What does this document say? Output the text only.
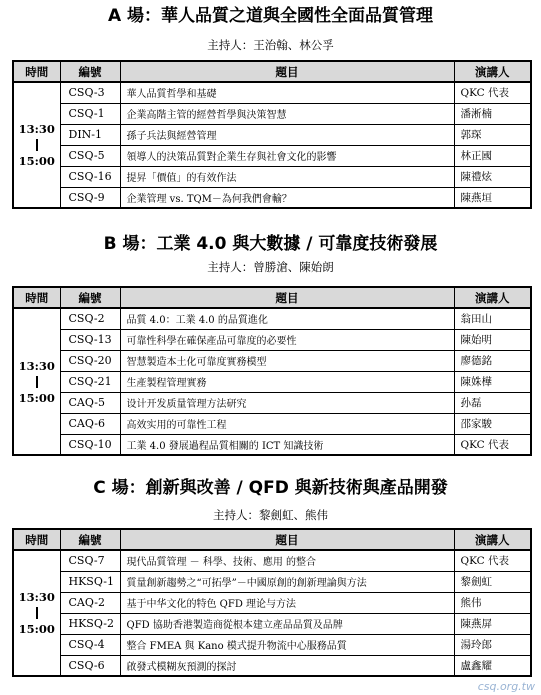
A 場：華人品質之道與全國性全面品質管理
主持人：王治翰、林公孚
時間	編號	題目	演講人
13:30
15:00	CSQ-3	華人品質哲學和基礎	QKC 代表
	CSQ-1	企業高階主管的經營哲學與決策智慧	潘淅楠
	DIN-1	孫子兵法與經營管理	郭琛
	CSQ-5	領導人的決策品質對企業生存與社會文化的影響	林正國
	CSQ-16	提昇「價值」的有效作法	陳禮炫
	CSQ-9	企業管理 vs. TQM－為何我們會輸？	陳燕垣
B 場：工業 4.0 與大數據 / 可靠度技術發展
主持人：曾勝滄、陳始朗
時間	編號	題目	演講人
13:30
15:00	CSQ-2	品質 4.0：工業 4.0 的品質進化	翁田山
	CSQ-13	可靠性科學在確保產品可靠度的必要性	陳始明
	CSQ-20	智慧製造本土化可靠度實務模型	廖德銘
	CSQ-21	生產製程管理實務	陳姝樺
	CAQ-5	设计开发质量管理方法研究	孙磊
	CAQ-6	高效实用的可靠性工程	邵家駿
	CSQ-10	工業 4.0 發展過程品質相關的 ICT 知識技術	QKC 代表
C 場：創新與改善 / QFD 與新技術與產品開發
主持人：黎劍虹、熊伟
時間	編號	題目	演講人
13:30
15:00	CSQ-7	現代品質管理 － 科學、技術、應用 的整合	QKC 代表
	HKSQ-1	質量創新趨勢之“可拓學”－中國原創的創新理論與方法	黎劍虹
	CAQ-2	基于中华文化的特色 QFD 理论与方法	熊伟
	HKSQ-2	QFD 協助香港製造商從根本建立產品品質及品牌	陳燕屏
	CSQ-4	整合 FMEA 與 Kano 模式提升物流中心服務品質	湯玲郎
	CSQ-6	啟發式模糊灰預測的探討	盧鑫耀
csq.org.tw
